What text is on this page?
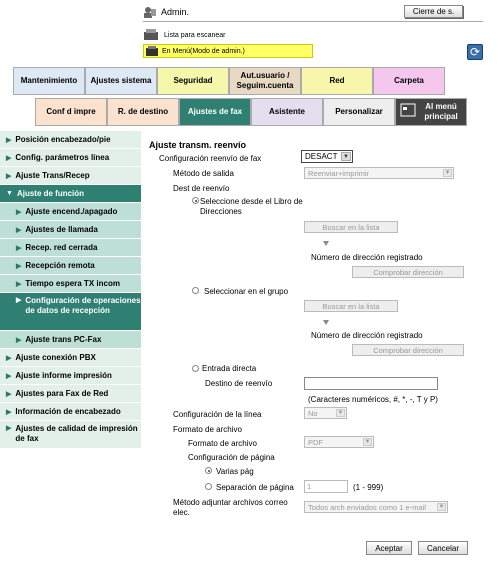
Admin.	Cierre de s.
Lista para escanear
En Menú(Modo de admin.)	⟳
Mantenimiento	Ajustes sistema	Seguridad
Aut.usuario / Seguim.cuenta
Red	Carpeta
Conf d impre	R. de destino	Ajustes de fax	Asistente	Personalizar
Al menú principal
▶ Posición encabezado/pie
▶ Config. parámetros línea
▶ Ajuste Trans/Recep
▼ Ajuste de función
▶ Ajuste encend./apagado
▶ Ajustes de llamada
▶ Recep. red cerrada
▶ Recepción remota
▶ Tiempo espera TX incom
▶ Configuración de operaciones de datos de recepción
▶ Ajuste trans PC-Fax
▶ Ajuste conexión PBX
▶ Ajuste informe impresión
▶ Ajustes para Fax de Red
▶ Información de encabezado
▶ Ajustes de calidad de impresión de fax
Ajuste transm. reenvío
Configuración reenvío de fax	DESACT ▼
Método de salida	Reenviar+imprimir	▼
Dest de reenvío
Seleccione desde el Libro de Direcciones
Buscar en la lista
Número de dirección registrado
Comprobar dirección
Seleccionar en el grupo
Buscar en la lista
Número de dirección registrado
Comprobar dirección
Entrada directa
Destino de reenvío
(Caracteres numéricos, #, *, -, T y P)
Configuración de la línea	No	▼
Formato de archivo
Formato de archivo	PDF	▼
Configuración de página
Varias pág
Separación de página	1	(1 - 999)
Método adjuntar archivos correo elec.
Todos arch enviados como 1 e-mail ▼
Aceptar	Cancelar
